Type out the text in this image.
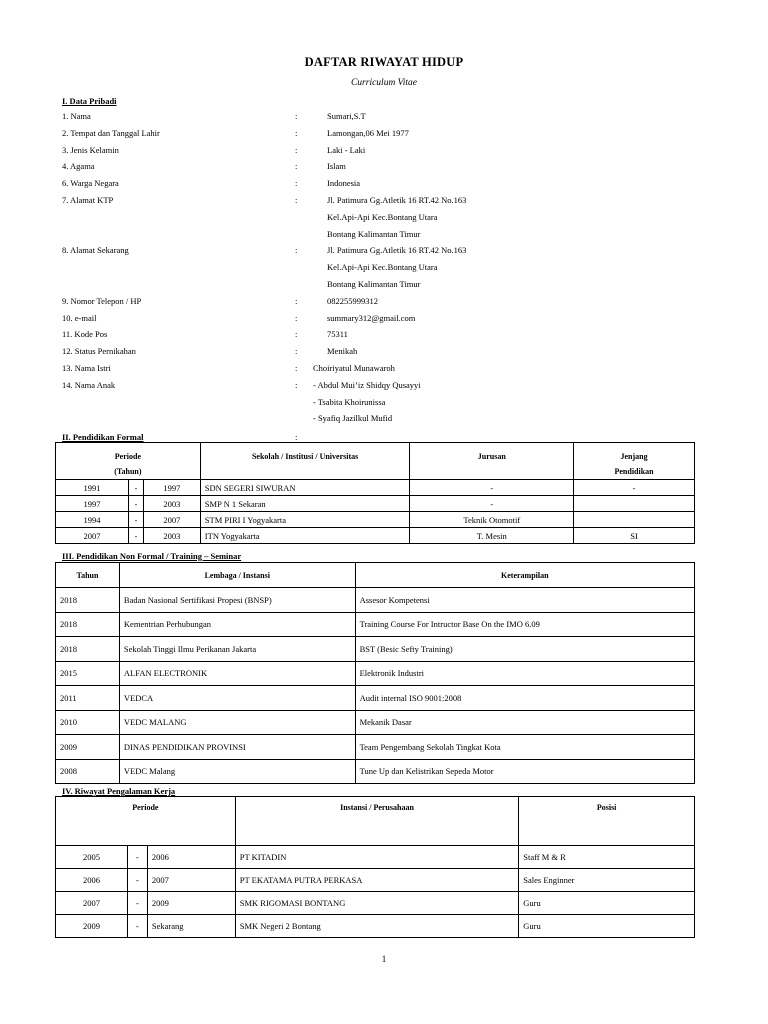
DAFTAR RIWAYAT HIDUP
Curriculum Vitae
I. Data Pribadi
1. Nama	:	Sumari,S.T
2. Tempat dan Tanggal Lahir	:	Lamongan,06 Mei 1977
3. Jenis Kelamin	:	Laki - Laki
4. Agama	:	Islam
6. Warga Negara	:	Indonesia
7. Alamat KTP	:	Jl. Patimura Gg.Atletik 16 RT.42 No.163
Kel.Api-Api Kec.Bontang Utara
Bontang Kalimantan Timur
8. Alamat Sekarang	:	Jl. Patimura Gg.Atletik 16 RT.42 No.163
Kel.Api-Api Kec.Bontang Utara
Bontang Kalimantan Timur
9. Nomor Telepon / HP	:	082255999312
10. e-mail	:	summary312@gmail.com
11. Kode Pos	:	75311
12. Status Pernikahan	:	Menikah
13. Nama Istri	: Choiriyatul Munawaroh
14. Nama Anak	: - Abdul Mui’iz Shidqy Qusayyi
- Tsabita Khoirunissa
- Syafiq Jazilkul Mufid
II. Pendidikan Formal	:
Periode
(Tahun)			Sekolah / Institusi / Universitas	Jurusan	Jenjang
Pendidikan
1991	-	1997	SDN SEGERI SIWURAN	-	-
1997	-	2003	SMP N 1 Sekaran	-	
1994	-	2007	STM PIRI I Yogyakarta	Teknik Otomotif	
2007	-	2003	ITN Yogyakarta	T. Mesin	SI
III. Pendidikan Non Formal / Training – Seminar
Tahun	Lembaga / Instansi	Keterampilan
2018	Badan Nasional Sertifikasi Propesi (BNSP)	Assesor Kompetensi
2018	Kementrian Perhubungan	Training Course For Intructor Base On the IMO 6.09
2018	Sekolah Tinggi Ilmu Perikanan Jakarta	BST (Besic Sefty Training)
2015	ALFAN ELECTRONIK	Elektronik Industri
2011	VEDCA	Audit internal ISO 9001:2008
2010	VEDC MALANG	Mekanik Dasar
2009	DINAS PENDIDIKAN PROVINSI	Team Pengembang Sekolah Tingkat Kota
2008	VEDC Malang	Tune Up dan Kelistrikan Sepeda Motor
IV. Riwayat Pengalaman Kerja
Periode			Instansi / Perusahaan	Posisi
2005	-	2006	PT KITADIN	Staff M & R
2006	-	2007	PT EKATAMA PUTRA PERKASA	Sales Enginner
2007	-	2009	SMK RIGOMASI BONTANG	Guru
2009	-	Sekarang	SMK Negeri 2 Bontang	Guru
1
